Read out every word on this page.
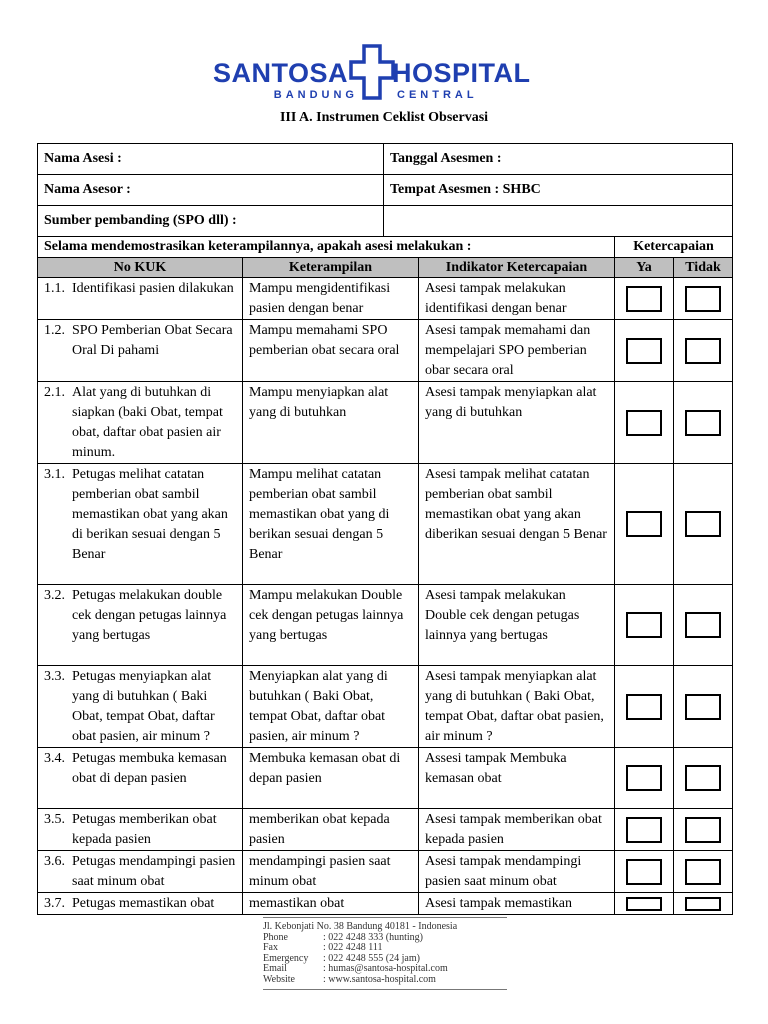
SANTOSA HOSPITAL
BANDUNG	CENTRAL
III A. Instrumen Ceklist Observasi
Nama Asesi :	Tanggal Asesmen :
Nama Asesor :	Tempat Asesmen : SHBC
Sumber pembanding (SPO dll) :	
Selama mendemostrasikan keterampilannya, apakah asesi melakukan :			Ketercapaian	
No KUK	Keterampilan	Indikator Ketercapaian	Ya	Tidak

1.1. Identifikasi pasien dilakukan	Mampu mengidentifikasi pasien dengan benar	Asesi tampak melakukan identifikasi dengan benar	

1.2. SPO Pemberian Obat Secara Oral Di pahami	Mampu memahami SPO pemberian obat secara oral	Asesi tampak memahami dan mempelajari SPO pemberian obar secara oral	

2.1. Alat yang di butuhkan di siapkan (baki Obat, tempat obat, daftar obat pasien air minum.	Mampu menyiapkan alat yang di butuhkan	Asesi tampak menyiapkan alat yang di butuhkan	

3.1. Petugas melihat catatan pemberian obat sambil memastikan obat yang akan di berikan sesuai dengan 5 Benar	Mampu melihat catatan pemberian obat sambil memastikan obat yang di berikan sesuai dengan 5 Benar	Asesi tampak melihat catatan pemberian obat sambil memastikan obat yang akan diberikan sesuai dengan 5 Benar	

3.2. Petugas melakukan double cek dengan petugas lainnya yang bertugas	Mampu melakukan Double cek dengan petugas lainnya yang bertugas	Asesi tampak melakukan Double cek dengan petugas lainnya yang bertugas	

3.3. Petugas menyiapkan alat yang di butuhkan ( Baki Obat, tempat Obat, daftar obat pasien, air minum ?	Menyiapkan alat yang di butuhkan ( Baki Obat, tempat Obat, daftar obat pasien, air minum ?	Asesi tampak menyiapkan alat yang di butuhkan ( Baki Obat, tempat Obat, daftar obat pasien, air minum ?	

3.4. Petugas membuka kemasan obat di depan pasien	Membuka kemasan obat di depan pasien	Assesi tampak Membuka kemasan obat	

3.5. Petugas memberikan obat kepada pasien	memberikan obat kepada pasien	Asesi tampak memberikan obat kepada pasien	

3.6. Petugas mendampingi pasien saat minum obat	mendampingi pasien saat minum obat	Asesi tampak mendampingi pasien saat minum obat	

3.7. Petugas memastikan obat	memastikan obat	Asesi tampak memastikan	

Jl. Kebonjati No. 38 Bandung 40181 - Indonesia
Phone	: 022 4248 333 (hunting)
Fax	: 022 4248 111
Emergency	: 022 4248 555 (24 jam)
Email	: humas@santosa-hospital.com
Website	: www.santosa-hospital.com
